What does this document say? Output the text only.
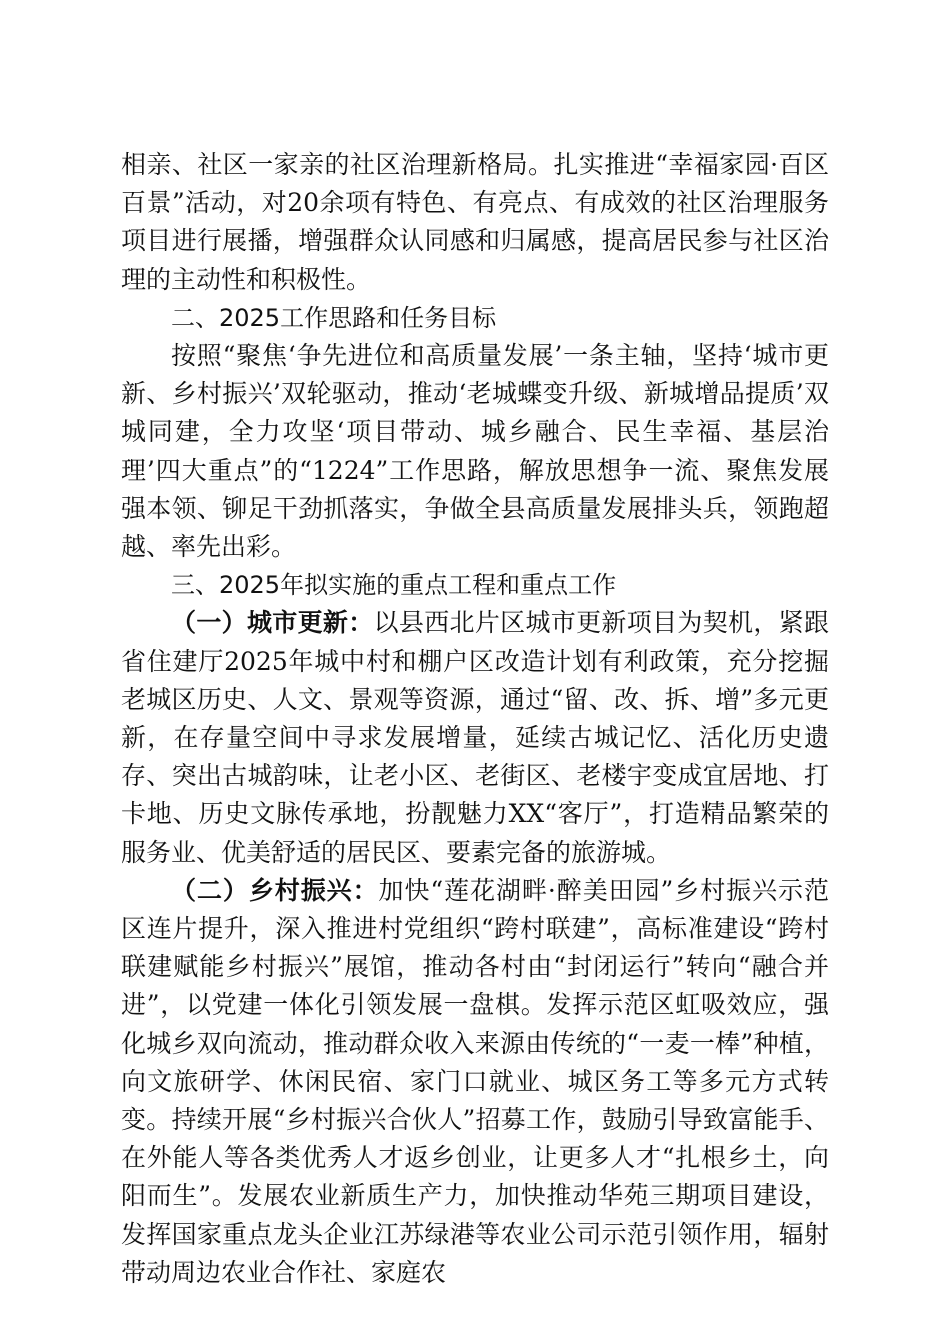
相亲、社区一家亲的社区治理新格局。扎实推进“幸福家园·百区百景”活动，对20余项有特色、有亮点、有成效的社区治理服务项目进行展播，增强群众认同感和归属感，提高居民参与社区治理的主动性和积极性。

二、2025工作思路和任务目标

按照“聚焦‘争先进位和高质量发展’一条主轴，坚持‘城市更新、乡村振兴’双轮驱动，推动‘老城蝶变升级、新城增品提质’双城同建，全力攻坚‘项目带动、城乡融合、民生幸福、基层治理’四大重点”的“1224”工作思路，解放思想争一流、聚焦发展强本领、铆足干劲抓落实，争做全县高质量发展排头兵，领跑超越、率先出彩。

三、2025年拟实施的重点工程和重点工作

（一）城市更新：以县西北片区城市更新项目为契机，紧跟省住建厅2025年城中村和棚户区改造计划有利政策，充分挖掘老城区历史、人文、景观等资源，通过“留、改、拆、增”多元更新，在存量空间中寻求发展增量，延续古城记忆、活化历史遗存、突出古城韵味，让老小区、老街区、老楼宇变成宜居地、打卡地、历史文脉传承地，扮靓魅力XX“客厅”，打造精品繁荣的服务业、优美舒适的居民区、要素完备的旅游城。

（二）乡村振兴：加快“莲花湖畔·醉美田园”乡村振兴示范区连片提升，深入推进村党组织“跨村联建”，高标准建设“跨村联建赋能乡村振兴”展馆，推动各村由“封闭运行”转向“融合并进”，以党建一体化引领发展一盘棋。发挥示范区虹吸效应，强化城乡双向流动，推动群众收入来源由传统的“一麦一棒”种植，向文旅研学、休闲民宿、家门口就业、城区务工等多元方式转变。持续开展“乡村振兴合伙人”招募工作，鼓励引导致富能手、在外能人等各类优秀人才返乡创业，让更多人才“扎根乡土，向阳而生”。发展农业新质生产力，加快推动华苑三期项目建设，发挥国家重点龙头企业江苏绿港等农业公司示范引领作用，辐射带动周边农业合作社、家庭农
